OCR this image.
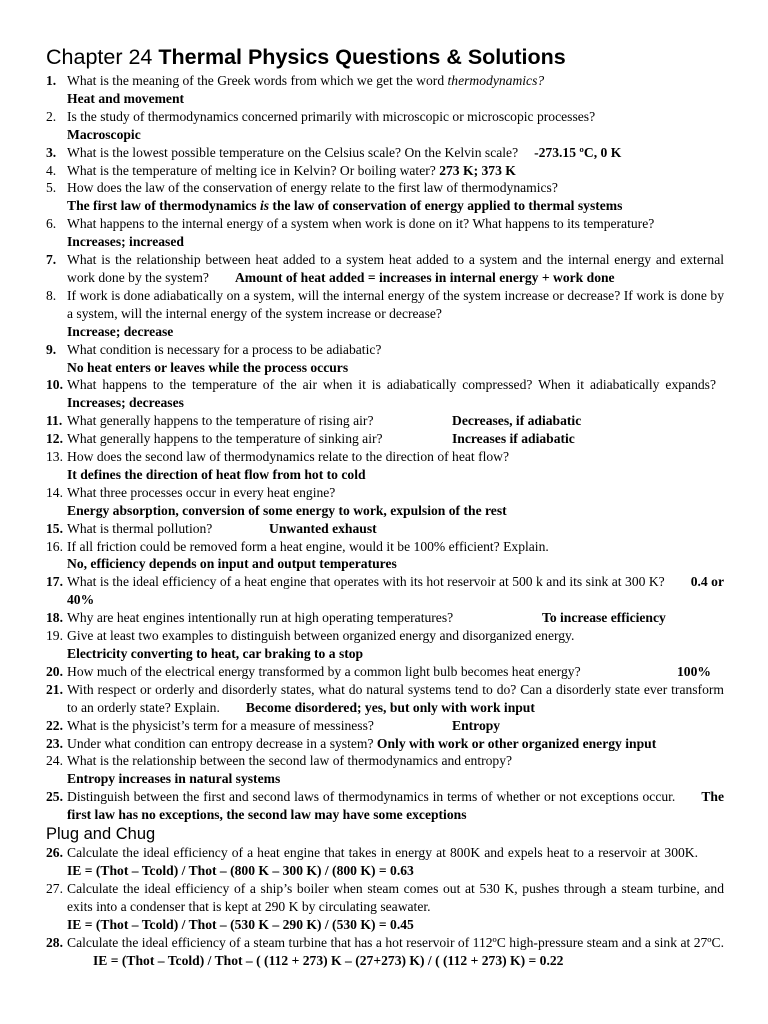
Chapter 24 Thermal Physics Questions & Solutions
1. What is the meaning of the Greek words from which we get the word thermodynamics?
Heat and movement
2. Is the study of thermodynamics concerned primarily with microscopic or microscopic processes?
Macroscopic
3. What is the lowest possible temperature on the Celsius scale? On the Kelvin scale? -273.15 ºC, 0 K
4. What is the temperature of melting ice in Kelvin? Or boiling water? 273 K; 373 K
5. How does the law of the conservation of energy relate to the first law of thermodynamics?
The first law of thermodynamics is the law of conservation of energy applied to thermal systems
6. What happens to the internal energy of a system when work is done on it? What happens to its temperature?
Increases; increased
7. What is the relationship between heat added to a system heat added to a system and the internal energy and external work done by the system? Amount of heat added = increases in internal energy + work done
8. If work is done adiabatically on a system, will the internal energy of the system increase or decrease? If work is done by a system, will the internal energy of the system increase or decrease?
Increase; decrease
9. What condition is necessary for a process to be adiabatic?
No heat enters or leaves while the process occurs
10. What happens to the temperature of the air when it is adiabatically compressed? When it adiabatically expands?Increases; decreases
11. What generally happens to the temperature of rising air?	Decreases, if adiabatic
12. What generally happens to the temperature of sinking air?	Increases if adiabatic
13. How does the second law of thermodynamics relate to the direction of heat flow?
It defines the direction of heat flow from hot to cold
14. What three processes occur in every heat engine?
Energy absorption, conversion of some energy to work, expulsion of the rest
15. What is thermal pollution?	Unwanted exhaust
16. If all friction could be removed form a heat engine, would it be 100% efficient? Explain.
No, efficiency depends on input and output temperatures
17. What is the ideal efficiency of a heat engine that operates with its hot reservoir at 500 k and its sink at 300 K? 0.4 or 40%
18. Why are heat engines intentionally run at high operating temperatures?	To increase efficiency
19. Give at least two examples to distinguish between organized energy and disorganized energy.
Electricity converting to heat, car braking to a stop
20. How much of the electrical energy transformed by a common light bulb becomes heat energy?	100%
21. With respect or orderly and disorderly states, what do natural systems tend to do? Can a disorderly state ever transform to an orderly state? Explain. Become disordered; yes, but only with work input
22. What is the physicist’s term for a measure of messiness?	Entropy
23. Under what condition can entropy decrease in a system? Only with work or other organized energy input
24. What is the relationship between the second law of thermodynamics and entropy?
Entropy increases in natural systems
25. Distinguish between the first and second laws of thermodynamics in terms of whether or not exceptions occur. The first law has no exceptions, the second law may have some exceptions
Plug and Chug
26. Calculate the ideal efficiency of a heat engine that takes in energy at 800K and expels heat to a reservoir at 300K.IE = (Thot – Tcold) / Thot – (800 K – 300 K) / (800 K) = 0.63
27. Calculate the ideal efficiency of a ship’s boiler when steam comes out at 530 K, pushes through a steam turbine, and exits into a condenser that is kept at 290 K by circulating seawater.
IE = (Thot – Tcold) / Thot – (530 K – 290 K) / (530 K) = 0.45
28. Calculate the ideal efficiency of a steam turbine that has a hot reservoir of 112ºC high-pressure steam and a sink at 27ºC.IE = (Thot – Tcold) / Thot – ( (112 + 273) K – (27+273) K) / ( (112 + 273) K) = 0.22
